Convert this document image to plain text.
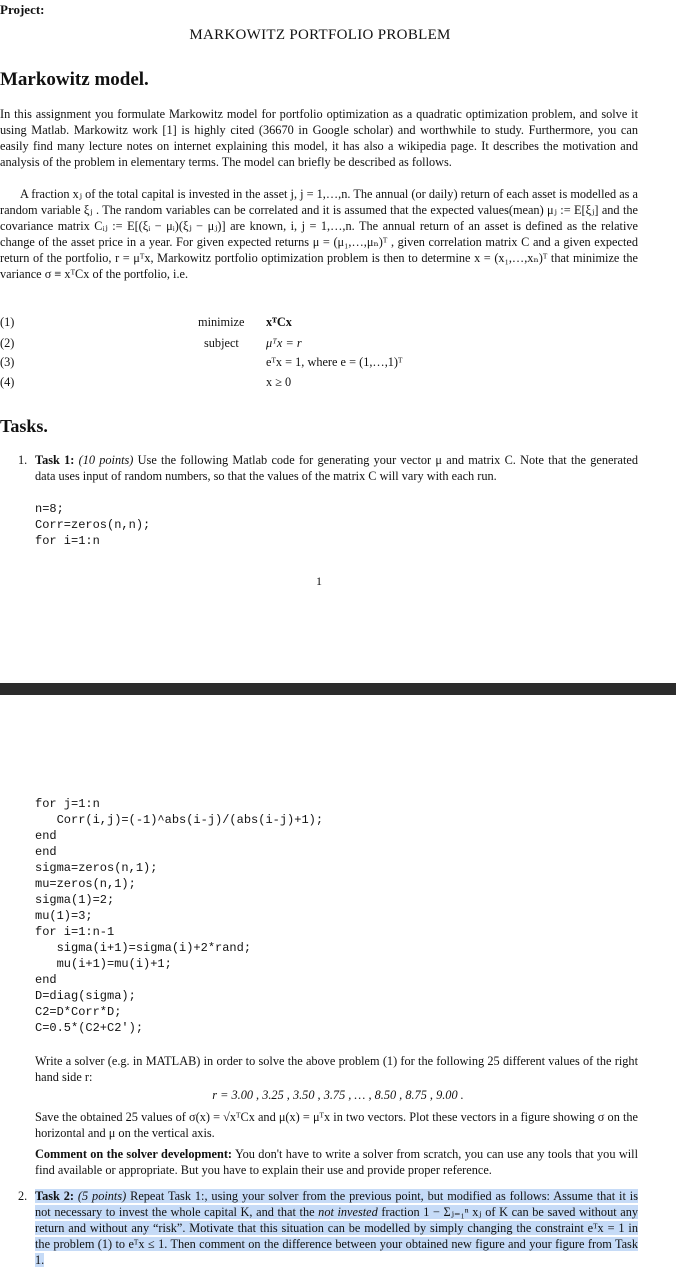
Project:
MARKOWITZ PORTFOLIO PROBLEM
Markowitz model.
In this assignment you formulate Markowitz model for portfolio optimization as a quadratic optimization problem, and solve it using Matlab. Markowitz work [1] is highly cited (36670 in Google scholar) and worthwhile to study. Furthermore, you can easily find many lecture notes on internet explaining this model, it has also a wikipedia page. It describes the motivation and analysis of the problem in elementary terms. The model can briefly be described as follows.
A fraction xⱼ of the total capital is invested in the asset j, j = 1,…,n. The annual (or daily) return of each asset is modelled as a random variable ξⱼ . The random variables can be correlated and it is assumed that the expected values(mean) μⱼ := E[ξⱼ] and the covariance matrix Cᵢⱼ := E[(ξᵢ − μᵢ)(ξⱼ − μⱼ)] are known, i, j = 1,…,n. The annual return of an asset is defined as the relative change of the asset price in a year. For given expected returns μ = (μ₁,…,μₙ)ᵀ , given correlation matrix C and a given expected return of the portfolio, r = μᵀx, Markowitz portfolio optimization problem is then to determine x = (x₁,…,xₙ)ᵀ that minimize the variance σ ≡ xᵀCx of the portfolio, i.e.
(1)	minimize xᵀCx
(2)	subject μᵀx = r
(3)	eᵀx = 1, where e = (1,…,1)ᵀ
(4)	x ≥ 0
Tasks.
1. Task 1: (10 points) Use the following Matlab code for generating your vector μ and matrix C. Note that the generated data uses input of random numbers, so that the values of the matrix C will vary with each run.
n=8;
Corr=zeros(n,n);
for i=1:n
1
for j=1:n
Corr(i,j)=(-1)^abs(i-j)/(abs(i-j)+1);
end
end
sigma=zeros(n,1);
mu=zeros(n,1);
sigma(1)=2;
mu(1)=3;
for i=1:n-1
sigma(i+1)=sigma(i)+2*rand;
mu(i+1)=mu(i)+1;
end
D=diag(sigma);
C2=D*Corr*D;
C=0.5*(C2+C2');
Write a solver (e.g. in MATLAB) in order to solve the above problem (1) for the following 25 different values of the right hand side r:
r = 3.00 , 3.25 , 3.50 , 3.75 , … , 8.50 , 8.75 , 9.00 .
Save the obtained 25 values of σ(x) = √xᵀCx and μ(x) = μᵀx in two vectors. Plot these vectors in a figure showing σ on the horizontal and μ on the vertical axis.
Comment on the solver development: You don't have to write a solver from scratch, you can use any tools that you will find available or appropriate. But you have to explain their use and provide proper reference.
2. Task 2: (5 points) Repeat Task 1:, using your solver from the previous point, but modified as follows: Assume that it is not necessary to invest the whole capital K, and that the not invested fraction 1 − Σⱼ₌₁ⁿ xⱼ of K can be saved without any return and without any “risk”. Motivate that this situation can be modelled by simply changing the constraint eᵀx = 1 in the problem (1) to eᵀx ≤ 1. Then comment on the difference between your obtained new figure and your figure from Task 1.
